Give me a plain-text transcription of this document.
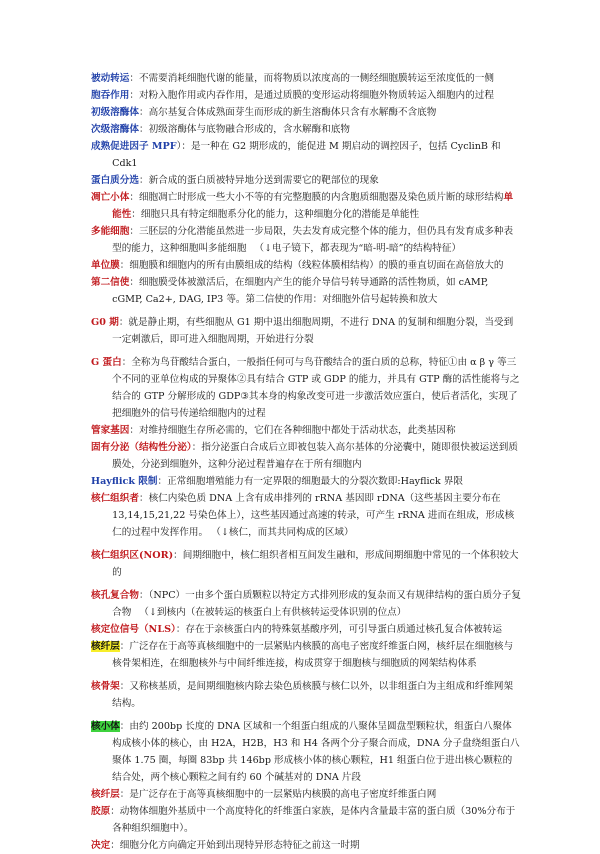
被动转运：不需要消耗细胞代谢的能量，而将物质以浓度高的一侧经细胞膜转运至浓度低的一侧

胞吞作用：对粉入胞作用或内吞作用，是通过质膜的变形运动将细胞外物质转运入细胞内的过程

初级溶酶体：高尔基复合体成熟面芽生而形成的新生溶酶体只含有水解酶不含底物

次级溶酶体：初级溶酶体与底物融合形成的，含水解酶和底物

成熟促进因子 MPF）：是一种在 G2 期形成的，能促进 M 期启动的调控因子，包括 CyclinB 和 Cdk1

蛋白质分选：新合成的蛋白质被特异地分送到需要它的靶部位的现象

凋亡小体：细胞凋亡时形成一些大小不等的有完整胞膜的内含胞质细胞器及染色质片断的球形结构单能性：细胞只具有特定细胞系分化的能力，这种细胞分化的潜能是单能性

多能细胞：三胚层的分化潜能虽然进一步局限，失去发育成完整个体的能力，但仍具有发育成多种表型的能力，这种细胞叫多能细胞 （↓电子镜下，都表现为“暗-明-暗”的结构特征）

单位膜：细胞膜和细胞内的所有由膜组成的结构（线粒体膜相结构）的膜的垂直切面在高倍放大的

第二信使：细胞膜受体被激活后，在细胞内产生的能介导信号转导通路的活性物质，如 cAMP, cGMP, Ca2+, DAG, IP3 等。第二信使的作用：对细胞外信号起转换和放大

G0 期：就是静止期，有些细胞从 G1 期中退出细胞周期，不进行 DNA 的复制和细胞分裂，当受到一定刺激后，即可进入细胞周期，开始进行分裂

G 蛋白：全称为鸟苷酸结合蛋白，一般指任何可与鸟苷酸结合的蛋白质的总称，特征①由 α β γ 等三个不同的亚单位构成的异聚体②具有结合 GTP 或 GDP 的能力，并具有 GTP 酶的活性能将与之结合的 GTP 分解形成的 GDP③其本身的构象改变可进一步激活效应蛋白，使后者活化，实现了把细胞外的信号传递给细胞内的过程

管家基因：对维持细胞生存所必需的，它们在各种细胞中都处于活动状态，此类基因称

固有分泌（结构性分泌）：指分泌蛋白合成后立即被包装入高尔基体的分泌囊中，随即很快被运送到质膜处，分泌到细胞外，这种分泌过程普遍存在于所有细胞内

Hayflick 限制：正常细胞增殖能力有一定界限的细胞最大的分裂次数即:Hayflick 界限

核仁组织者：核仁内染色质 DNA 上含有成串排列的 rRNA 基因即 rDNA（这些基因主要分布在 13,14,15,21,22 号染色体上），这些基因通过高速的转录，可产生 rRNA 进而在组成，形成核仁的过程中发挥作用。 （↓核仁，而其共同构成的区域）

核仁组织区(NOR)：间期细胞中，核仁组织者相互间发生融和，形成间期细胞中常见的一个体积较大的

核孔复合物：（NPC）一由多个蛋白质颗粒以特定方式排列形成的复杂而又有规律结构的蛋白质分子复合物 （↓到核内（在被转运的核蛋白上有供核转运受体识别的位点）

核定位信号（NLS）：存在于亲核蛋白内的特殊氨基酸序列，可引导蛋白质通过核孔复合体被转运

核纤层：广泛存在于高等真核细胞中的一层紧贴内核膜的高电子密度纤维蛋白网，核纤层在细胞核与核骨架相连，在细胞核外与中间纤维连接，构成贯穿于细胞核与细胞质的网架结构体系

核骨架：又称核基质，是间期细胞核内除去染色质核膜与核仁以外，以非组蛋白为主组成和纤维网架结构。

核小体：由约 200bp 长度的 DNA 区域和一个组蛋白组成的八聚体呈圆盘型颗粒状，组蛋白八聚体构成核小体的核心，由 H2A，H2B，H3 和 H4 各两个分子聚合而成，DNA 分子盘绕组蛋白八聚体 1.75 圈，每圈 83bp 共 146bp 形成核小体的核心颗粒，H1 组蛋白位于进出核心颗粒的结合处，两个核心颗粒之间有约 60 个碱基对的 DNA 片段

核纤层：是广泛存在于高等真核细胞中的一层紧贴内核膜的高电子密度纤维蛋白网

胶原：动物体细胞外基质中一个高度特化的纤维蛋白家族，是体内含量最丰富的蛋白质（30%分布于各种组织细胞中）。

决定：细胞分化方向确定开始到出现特异形态特征之前这一时期
